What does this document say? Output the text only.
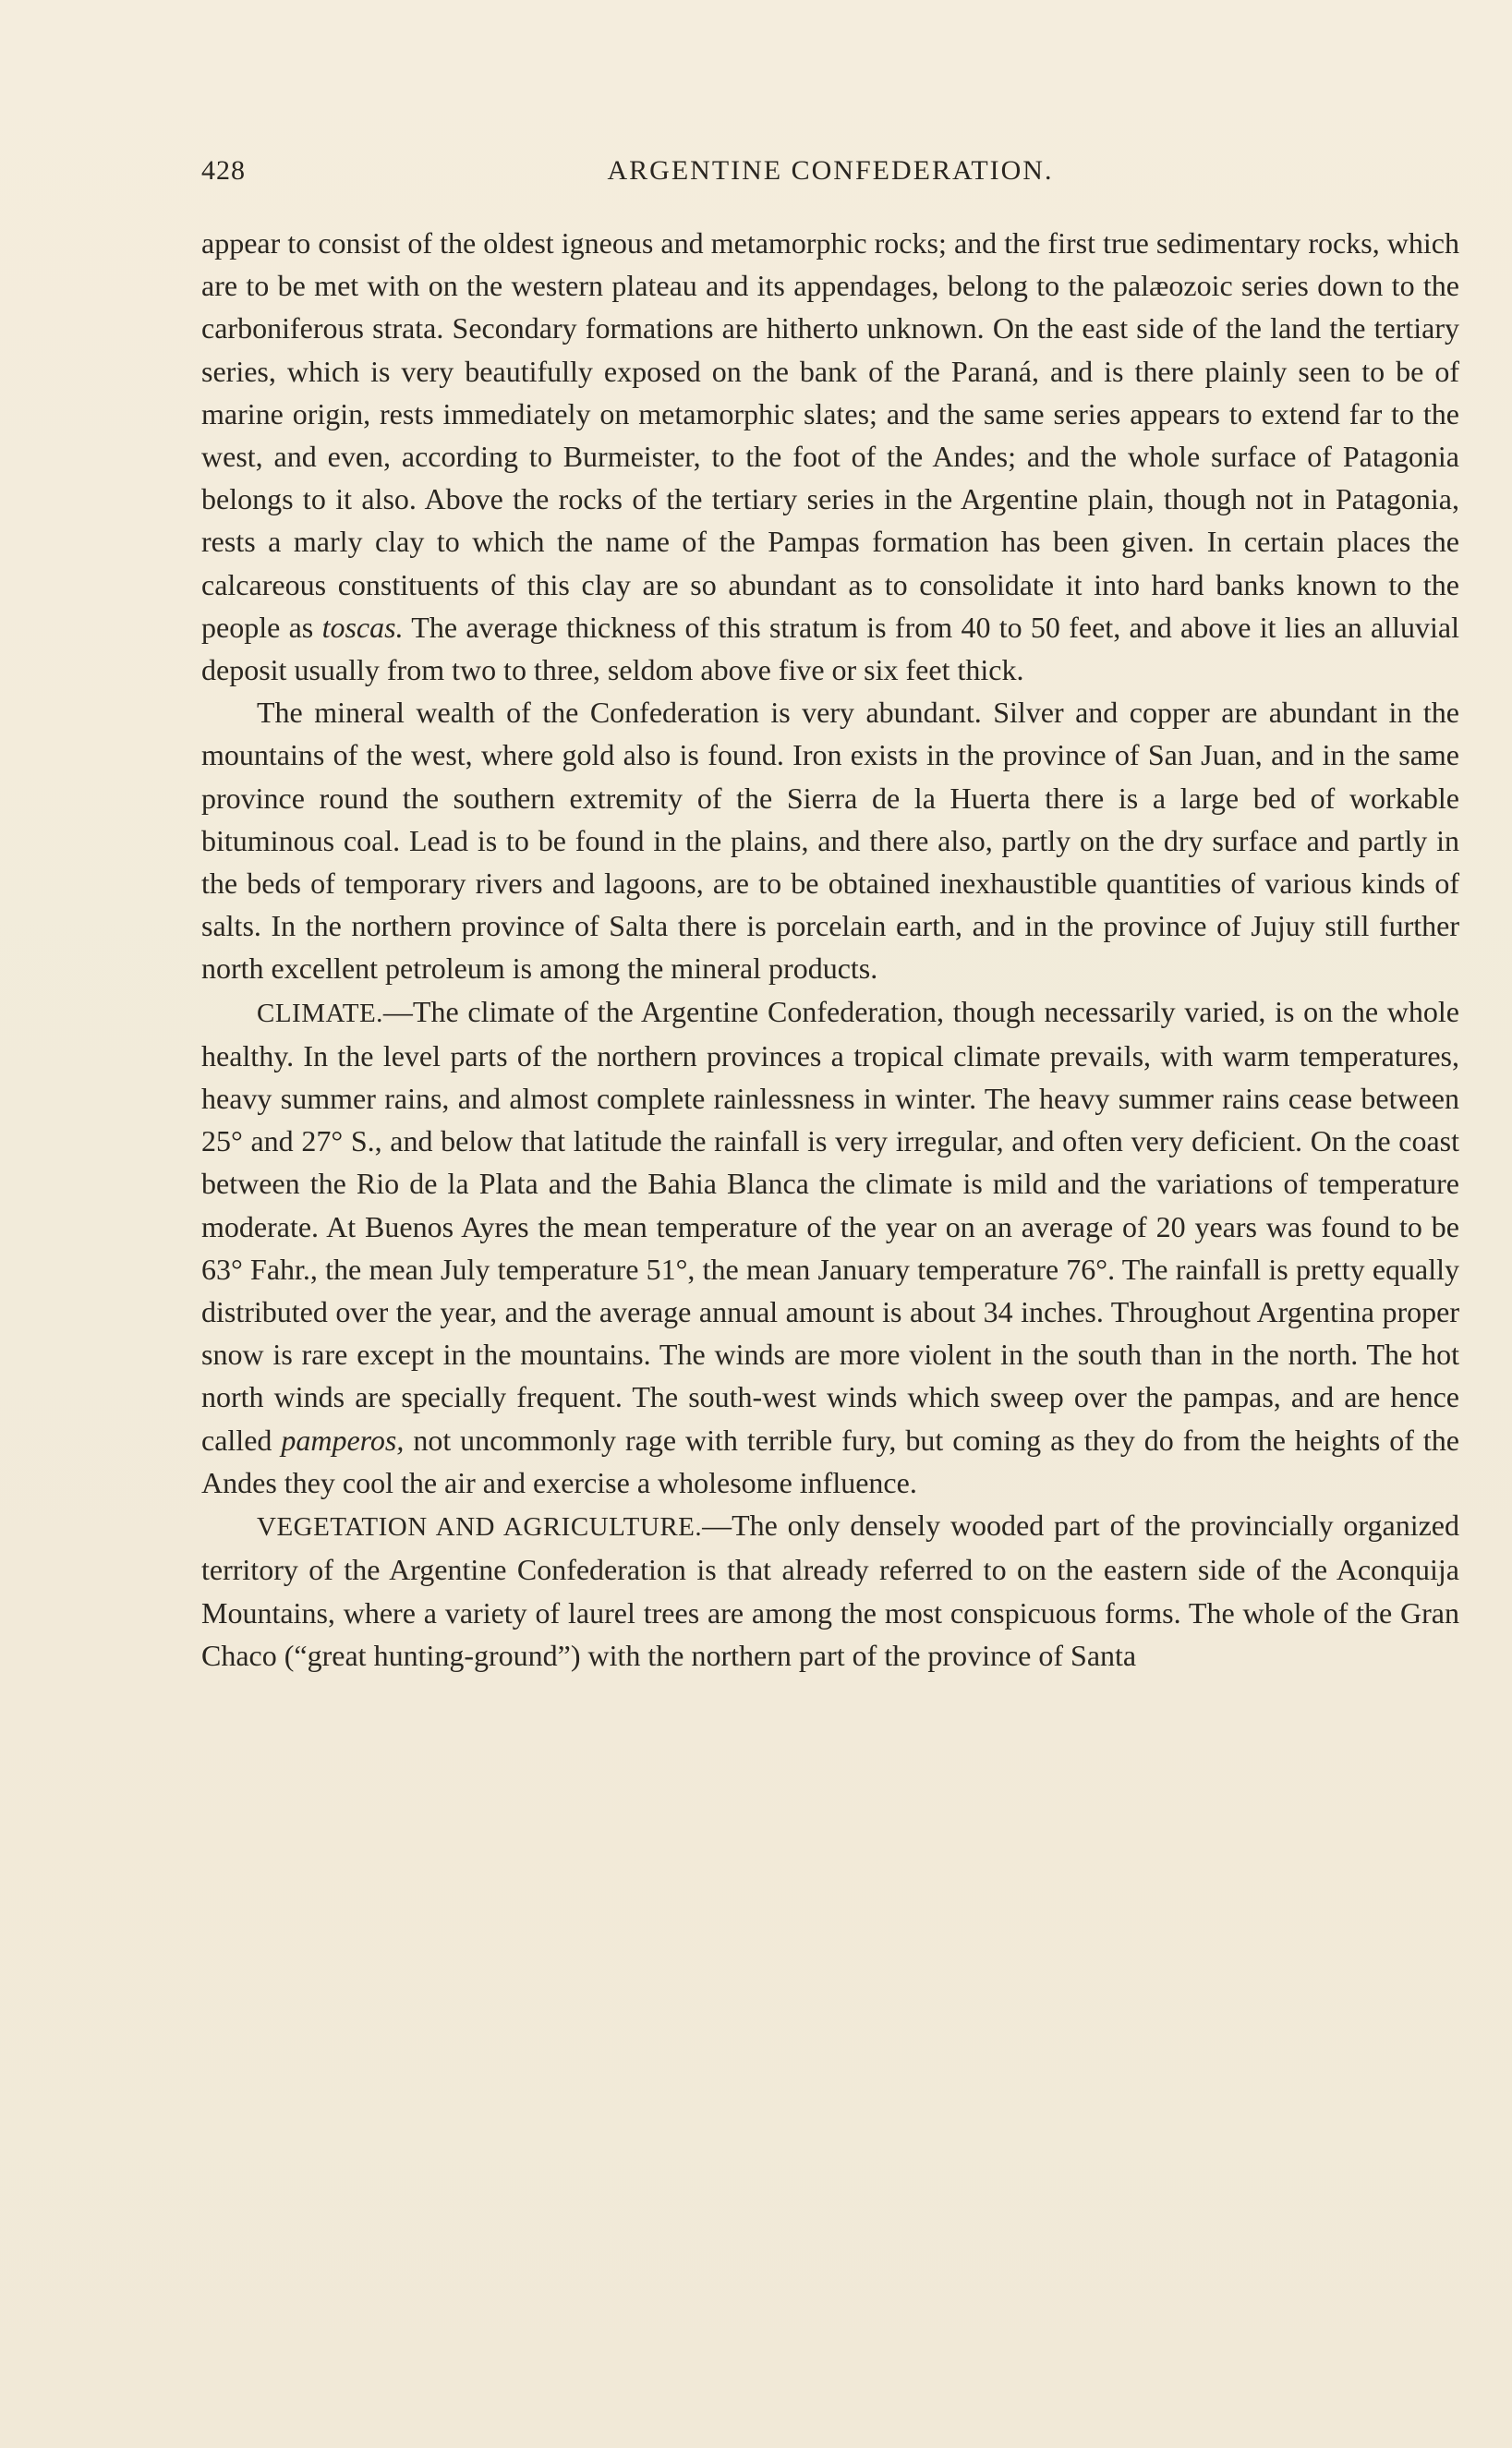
428	ARGENTINE CONFEDERATION.

appear to consist of the oldest igneous and metamorphic rocks; and the first true sedimentary rocks, which are to be met with on the western plateau and its appendages, belong to the palæozoic series down to the carboniferous strata. Secondary formations are hitherto unknown. On the east side of the land the tertiary series, which is very beautifully exposed on the bank of the Paraná, and is there plainly seen to be of marine origin, rests immediately on metamorphic slates; and the same series appears to extend far to the west, and even, according to Burmeister, to the foot of the Andes; and the whole surface of Patagonia belongs to it also. Above the rocks of the tertiary series in the Argentine plain, though not in Patagonia, rests a marly clay to which the name of the Pampas formation has been given. In certain places the calcareous constituents of this clay are so abundant as to consolidate it into hard banks known to the people as toscas. The average thickness of this stratum is from 40 to 50 feet, and above it lies an alluvial deposit usually from two to three, seldom above five or six feet thick.

The mineral wealth of the Confederation is very abundant. Silver and copper are abundant in the mountains of the west, where gold also is found. Iron exists in the province of San Juan, and in the same province round the southern extremity of the Sierra de la Huerta there is a large bed of workable bituminous coal. Lead is to be found in the plains, and there also, partly on the dry surface and partly in the beds of temporary rivers and lagoons, are to be obtained inexhaustible quantities of various kinds of salts. In the northern province of Salta there is porcelain earth, and in the province of Jujuy still further north excellent petroleum is among the mineral products.

CLIMATE.—The climate of the Argentine Confederation, though necessarily varied, is on the whole healthy. In the level parts of the northern provinces a tropical climate prevails, with warm temperatures, heavy summer rains, and almost complete rainlessness in winter. The heavy summer rains cease between 25° and 27° S., and below that latitude the rainfall is very irregular, and often very deficient. On the coast between the Rio de la Plata and the Bahia Blanca the climate is mild and the variations of temperature moderate. At Buenos Ayres the mean temperature of the year on an average of 20 years was found to be 63° Fahr., the mean July temperature 51°, the mean January temperature 76°. The rainfall is pretty equally distributed over the year, and the average annual amount is about 34 inches. Throughout Argentina proper snow is rare except in the mountains. The winds are more violent in the south than in the north. The hot north winds are specially frequent. The south-west winds which sweep over the pampas, and are hence called pamperos, not uncommonly rage with terrible fury, but coming as they do from the heights of the Andes they cool the air and exercise a wholesome influence.

VEGETATION AND AGRICULTURE.—The only densely wooded part of the provincially organized territory of the Argentine Confederation is that already referred to on the eastern side of the Aconquija Mountains, where a variety of laurel trees are among the most conspicuous forms. The whole of the Gran Chaco (“great hunting-ground”) with the northern part of the province of Santa
